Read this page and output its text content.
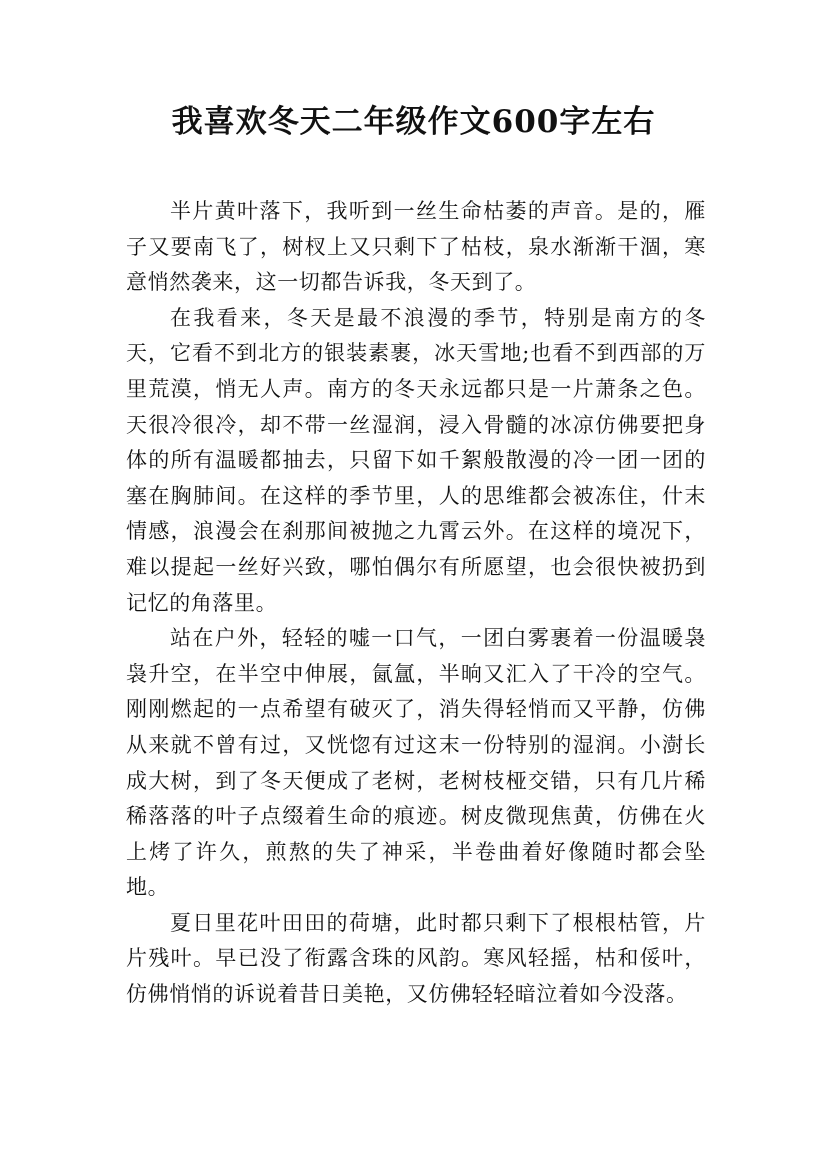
我喜欢冬天二年级作文600字左右

半片黄叶落下，我听到一丝生命枯萎的声音。是的，雁子又要南飞了，树杈上又只剩下了枯枝，泉水渐渐干涸，寒意悄然袭来，这一切都告诉我，冬天到了。

在我看来，冬天是最不浪漫的季节，特别是南方的冬天，它看不到北方的银装素裹，冰天雪地;也看不到西部的万里荒漠，悄无人声。南方的冬天永远都只是一片萧条之色。天很冷很冷，却不带一丝湿润，浸入骨髓的冰凉仿佛要把身体的所有温暖都抽去，只留下如千絮般散漫的冷一团一团的塞在胸肺间。在这样的季节里，人的思维都会被冻住，什末情感，浪漫会在刹那间被抛之九霄云外。在这样的境况下，难以提起一丝好兴致，哪怕偶尔有所愿望，也会很快被扔到记忆的角落里。

站在户外，轻轻的嘘一口气，一团白雾裹着一份温暖袅袅升空，在半空中伸展，氤氲，半晌又汇入了干冷的空气。刚刚燃起的一点希望有破灭了，消失得轻悄而又平静，仿佛从来就不曾有过，又恍惚有过这末一份特别的湿润。小澍长成大树，到了冬天便成了老树，老树枝桠交错，只有几片稀稀落落的叶子点缀着生命的痕迹。树皮微现焦黄，仿佛在火上烤了许久，煎熬的失了神采，半卷曲着好像随时都会坠地。

夏日里花叶田田的荷塘，此时都只剩下了根根枯管，片片残叶。早已没了衔露含珠的风韵。寒风轻摇，枯和俀叶，仿佛悄悄的诉说着昔日美艳，又仿佛轻轻暗泣着如今没落。
